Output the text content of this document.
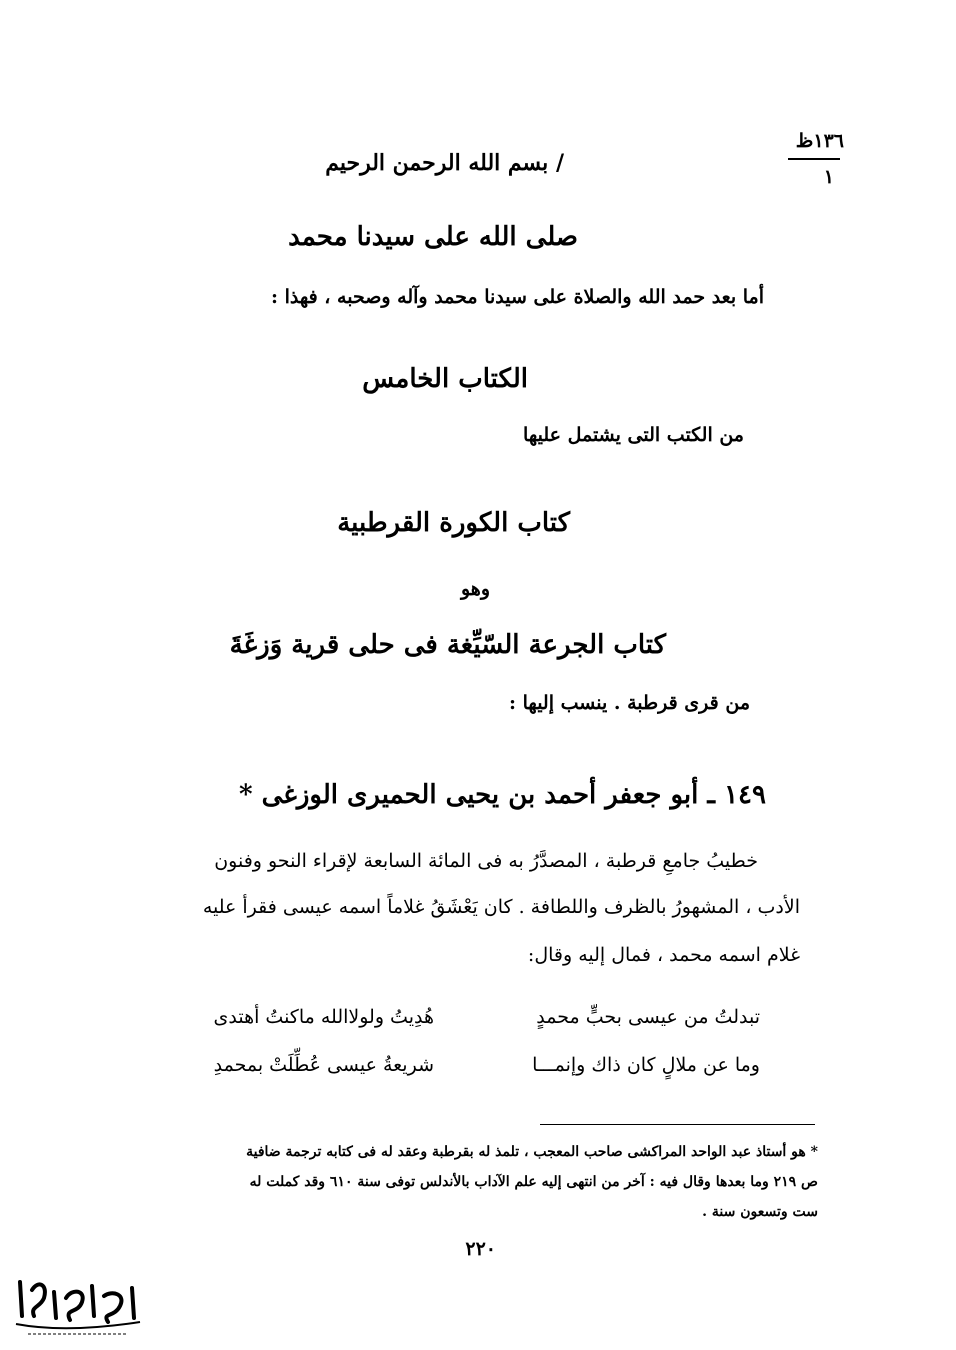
١٣٦ظ
١
/ بسم الله الرحمن الرحيم
صلى الله على سيدنا محمد
أما بعد حمد الله والصلاة على سيدنا محمد وآله وصحبه ، فهذا :
الكتاب الخامس
من الكتب التى يشتمل عليها
كتاب الكورة القرطبية
وهو
كتاب الجرعة السّيِّغة فى حلى قرية وَزغَةَ
من قرى قرطبة . ينسب إليها :
١٤٩ ـ أبو جعفر أحمد بن يحيى الحميرى الوزغى *
خطيبُ جامعِ قرطبة ، المصدَّرُ به فى المائة السابعة لإقراء النحو وفنون
الأدب ، المشهورُ بالظرف واللطافة . كان يَعْشَقُ غلاماً اسمه عيسى فقرأ عليه
غلام اسمه محمد ، فمال إليه وقال:
تبدلتُ من عيسى بحبٍّ محمدٍ
هُدِيتُ ولولاالله ماكنتُ أهتدى
وما عن ملالٍ كان ذاك وإنمـــا
شريعةُ عيسى عُطِّلَتْ بمحمدِ
* هو أستاذ عبد الواحد المراكشى صاحب المعجب ، تلمذ له بقرطبة وعقد له فى كتابه ترجمة ضافية
ص ٢١٩ وما بعدها وقال فيه : آخر من انتهى إليه علم الآداب بالأندلس توفى سنة ٦١٠ وقد كملت له
ست وتسعون سنة .
٢٢٠
